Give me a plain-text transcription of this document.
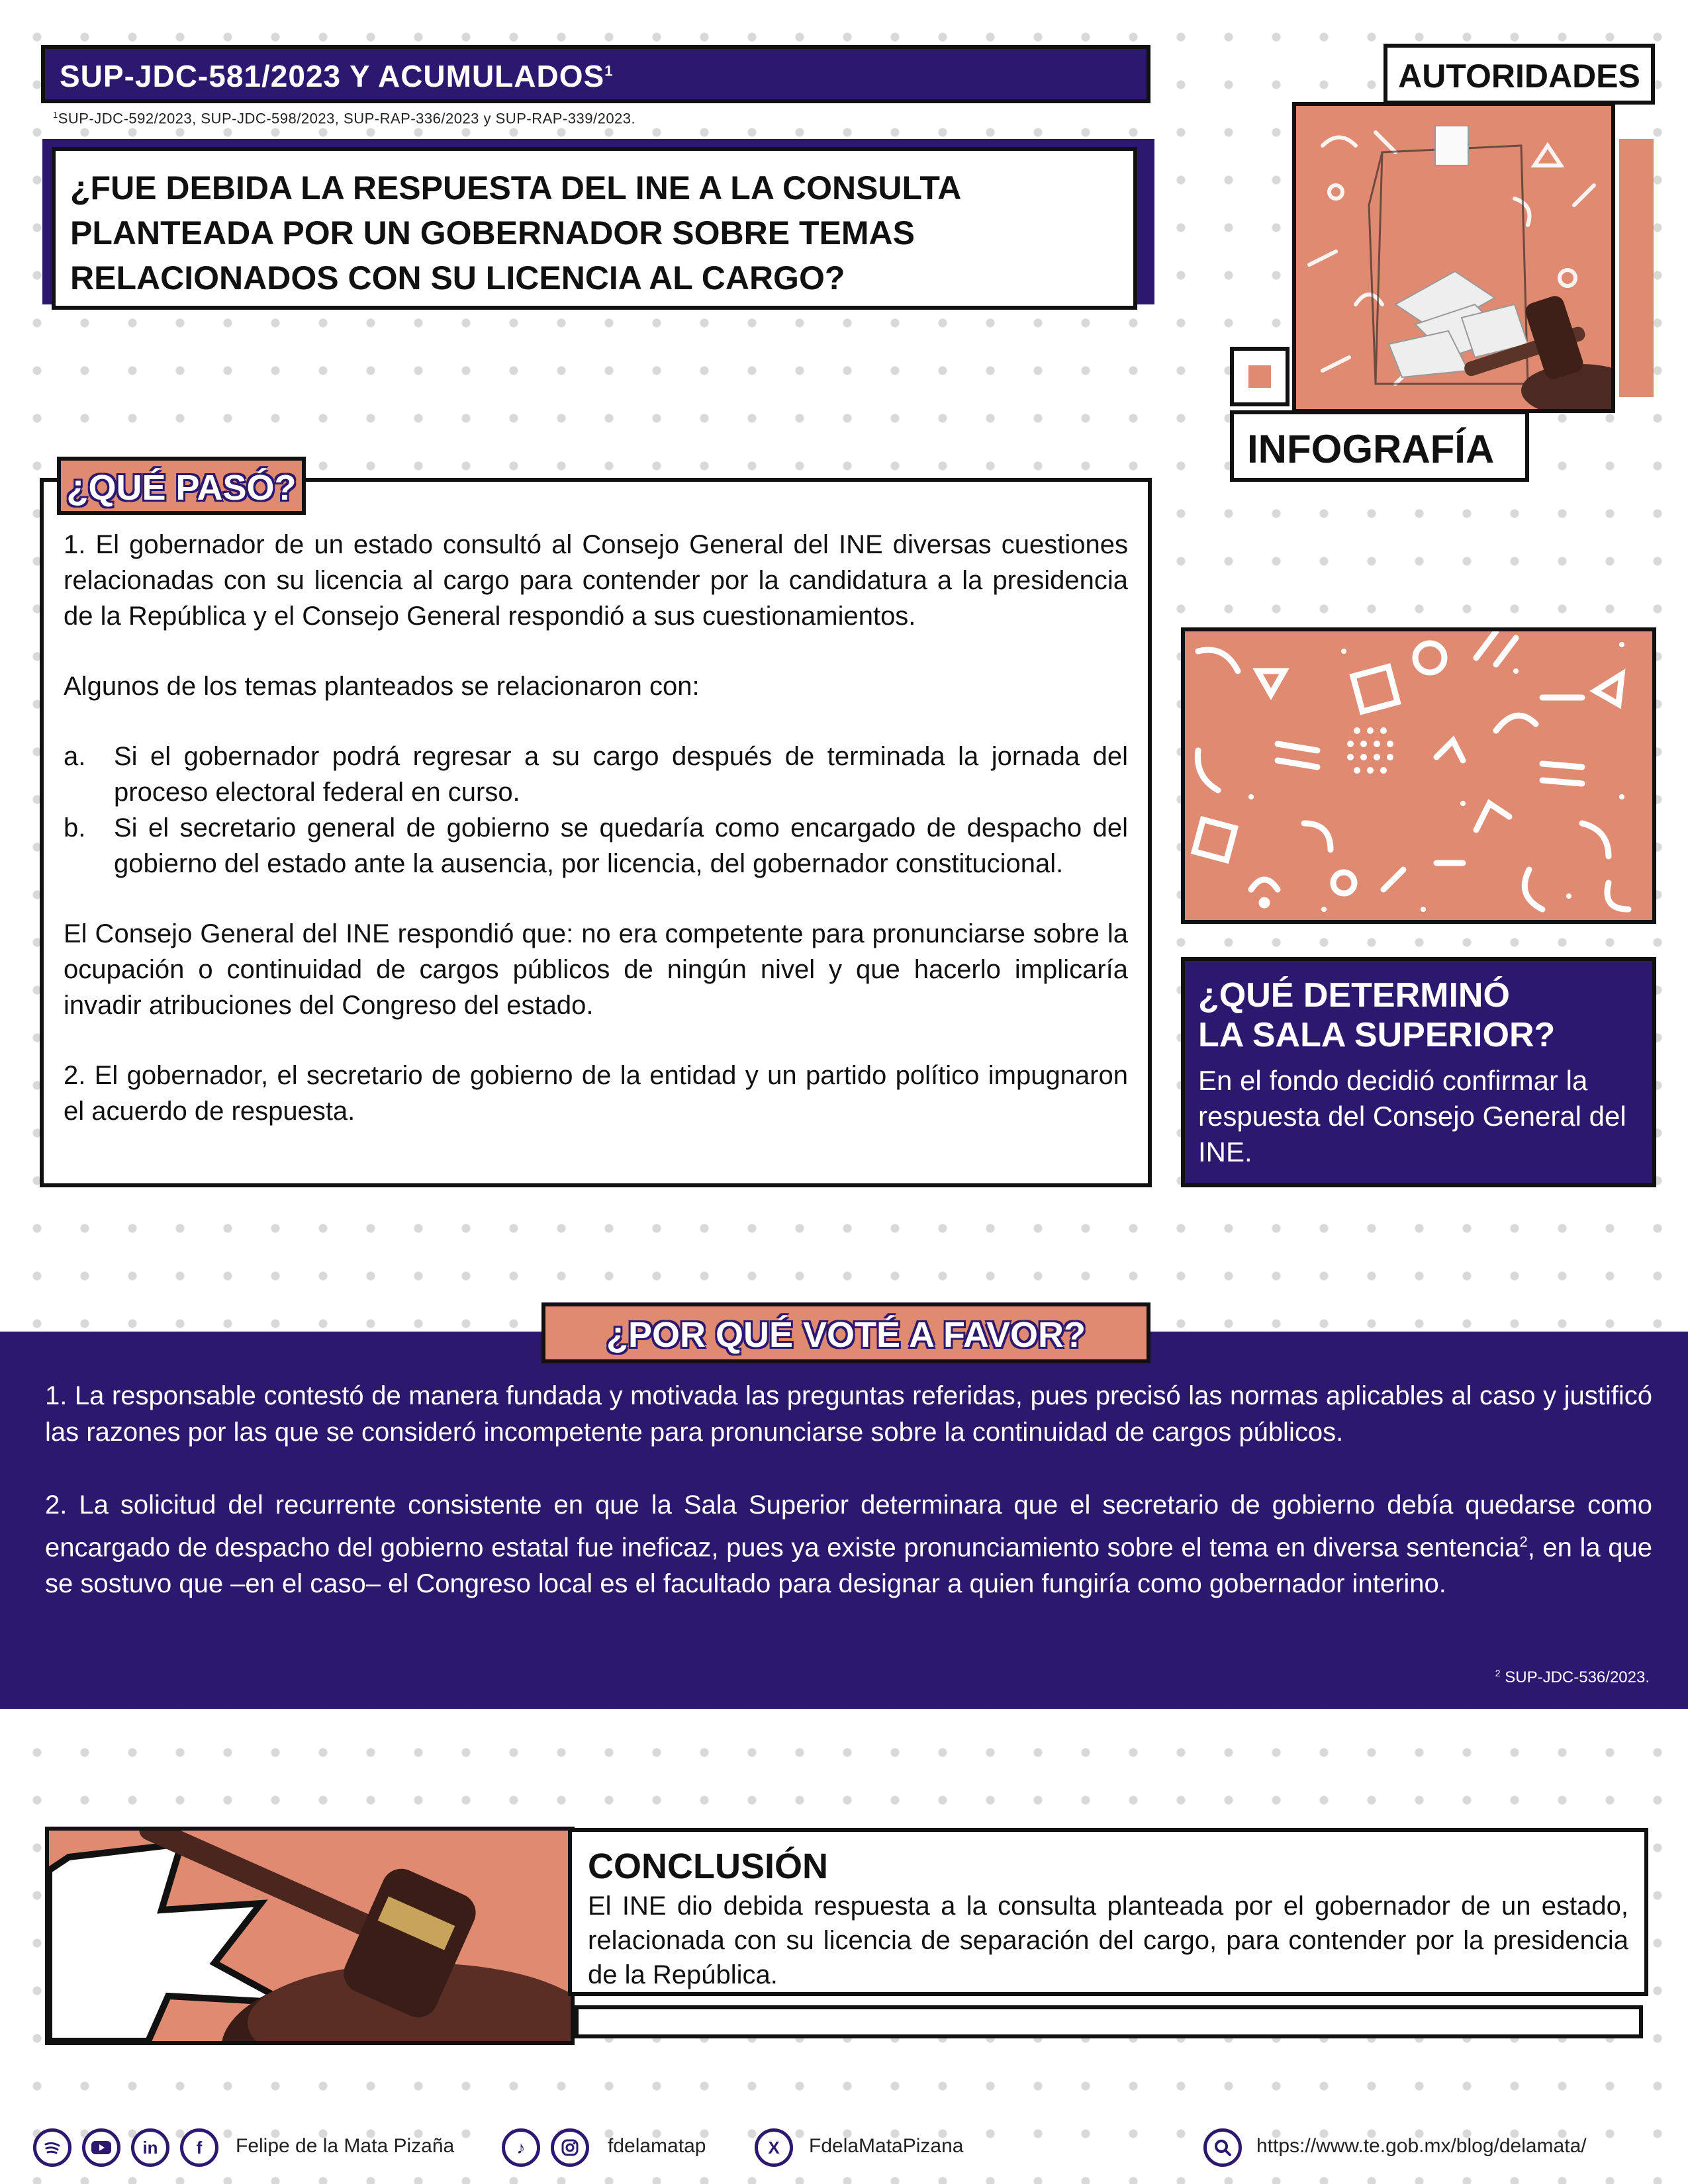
SUP-JDC-581/2023 Y ACUMULADOS$^1$
$^1$SUP-JDC-592/2023, SUP-JDC-598/2023, SUP-RAP-336/2023 y SUP-RAP-339/2023.
¿FUE DEBIDA LA RESPUESTA DEL INE A LA CONSULTA PLANTEADA POR UN GOBERNADOR SOBRE TEMAS RELACIONADOS CON SU LICENCIA AL CARGO?
AUTORIDADES
INFOGRAFÍA

1. El gobernador de un estado consultó al Consejo General del INE diversas cuestiones relacionadas con su licencia al cargo para contender por la candidatura a la presidencia de la República y el Consejo General respondió a sus cuestionamientos.

Algunos de los temas planteados se relacionaron con:

a.	Si el gobernador podrá regresar a su cargo después de terminada la jornada del proceso electoral federal en curso.
b.	Si el secretario general de gobierno se quedaría como encargado de despacho del gobierno del estado ante la ausencia, por licencia, del gobernador constitucional.

El Consejo General del INE respondió que: no era competente para pronunciarse sobre la ocupación o continuidad de cargos públicos de ningún nivel y que hacerlo implicaría invadir atribuciones del Congreso del estado.

2. El gobernador, el secretario de gobierno de la entidad y un partido político impugnaron el acuerdo de respuesta.

¿QUÉ PASÓ?
¿QUÉ DETERMINÓ
LA SALA SUPERIOR?
En el fondo decidió confirmar la respuesta del Consejo General del INE.
¿POR QUÉ VOTÉ A FAVOR?

1. La responsable contestó de manera fundada y motivada las preguntas referidas, pues precisó las normas aplicables al caso y justificó las razones por las que se consideró incompetente para pronunciarse sobre la continuidad de cargos públicos.

2. La solicitud del recurrente consistente en que la Sala Superior determinara que el secretario de gobierno debía quedarse como encargado de despacho del gobierno estatal fue ineficaz, pues ya existe pronunciamiento sobre el tema en diversa sentencia$^2$, en la que se sostuvo que –en el caso– el Congreso local es el facultado para designar a quien fungiría como gobernador interino.

$^2$ SUP-JDC-536/2023.
CONCLUSIÓN
El INE dio debida respuesta a la consulta planteada por el gobernador de un estado, relacionada con su licencia de separación del cargo, para contender por la presidencia de la República.
in	f	Felipe de la Mata Pizaña	♪	fdelamatap	X	FdelaMataPizana	https://www.te.gob.mx/blog/delamata/
